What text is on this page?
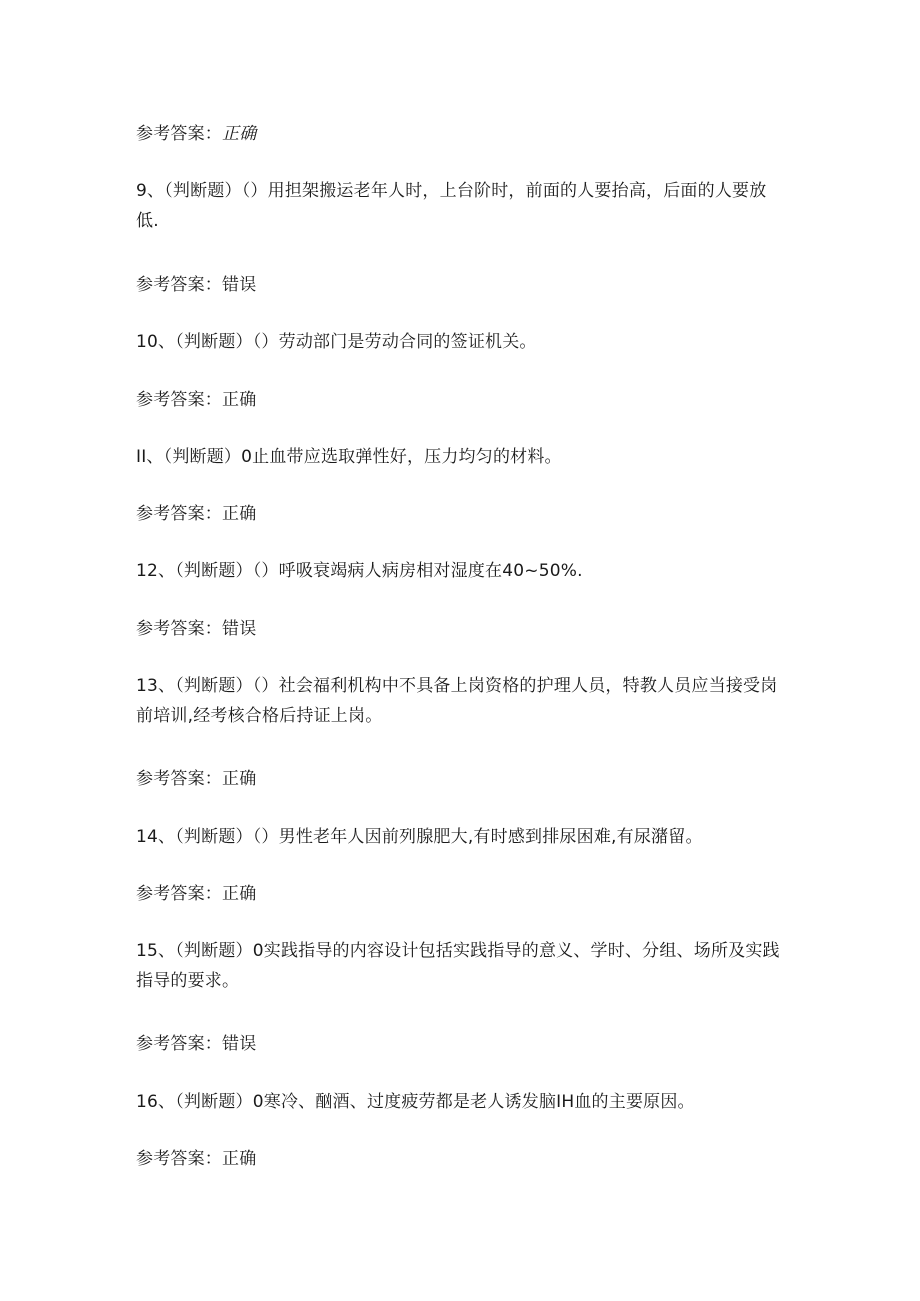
参考答案：正确
9、（判断题）（）用担架搬运老年人时，上台阶时，前面的人要抬高，后面的人要放低.
参考答案：错误
10、（判断题）（）劳动部门是劳动合同的签证机关。
参考答案：正确
II、（判断题）0止血带应选取弹性好，压力均匀的材料。
参考答案：正确
12、（判断题）（）呼吸衰竭病人病房相对湿度在40~50%.
参考答案：错误
13、（判断题）（）社会福利机构中不具备上岗资格的护理人员，特教人员应当接受岗前培训,经考核合格后持证上岗。
参考答案：正确
14、（判断题）（）男性老年人因前列腺肥大,有时感到排尿困难,有尿潴留。
参考答案：正确
15、（判断题）0实践指导的内容设计包括实践指导的意义、学时、分组、场所及实践指导的要求。
参考答案：错误
16、（判断题）0寒冷、酗酒、过度疲劳都是老人诱发脑IH血的主要原因。
参考答案：正确
